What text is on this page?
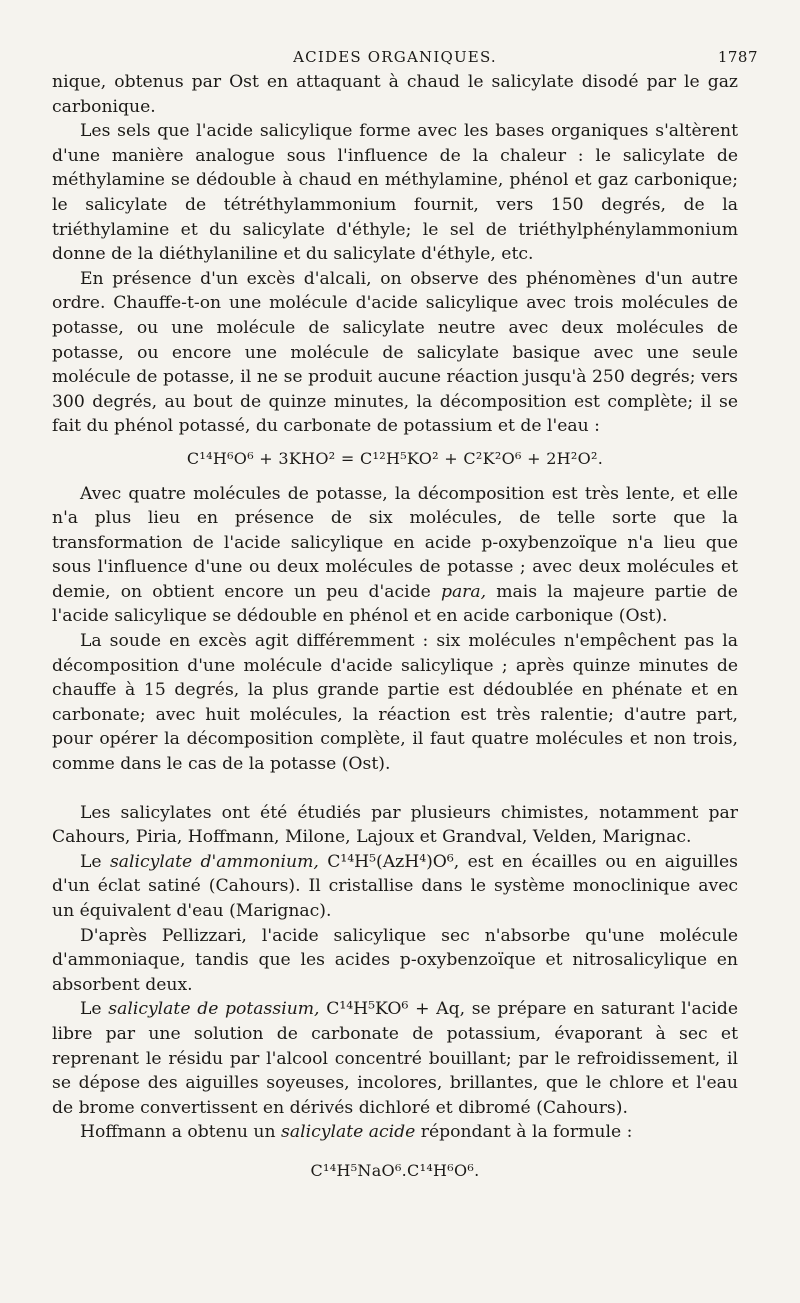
ACIDES ORGANIQUES.	1787

nique, obtenus par Ost en attaquant à chaud le salicylate disodé par le gaz carbonique.

Les sels que l'acide salicylique forme avec les bases organiques s'altèrent d'une manière analogue sous l'influence de la chaleur : le salicylate de méthylamine se dédouble à chaud en méthylamine, phénol et gaz carbonique; le salicylate de tétréthylammonium fournit, vers 150 degrés, de la triéthylamine et du salicylate d'éthyle; le sel de triéthylphénylammonium donne de la diéthylaniline et du salicylate d'éthyle, etc.

En présence d'un excès d'alcali, on observe des phénomènes d'un autre ordre. Chauffe-t-on une molécule d'acide salicylique avec trois molécules de potasse, ou une molécule de salicylate neutre avec deux molécules de potasse, ou encore une molécule de salicylate basique avec une seule molécule de potasse, il ne se produit aucune réaction jusqu'à 250 degrés; vers 300 degrés, au bout de quinze minutes, la décomposition est complète; il se fait du phénol potassé, du carbonate de potassium et de l'eau :

C¹⁴H⁶O⁶ + 3KHO² = C¹²H⁵KO² + C²K²O⁶ + 2H²O².

Avec quatre molécules de potasse, la décomposition est très lente, et elle n'a plus lieu en présence de six molécules, de telle sorte que la transformation de l'acide salicylique en acide p-oxybenzoïque n'a lieu que sous l'influence d'une ou deux molécules de potasse ; avec deux molécules et demie, on obtient encore un peu d'acide para, mais la majeure partie de l'acide salicylique se dédouble en phénol et en acide carbonique (Ost).

La soude en excès agit différemment : six molécules n'empêchent pas la décomposition d'une molécule d'acide salicylique ; après quinze minutes de chauffe à 15 degrés, la plus grande partie est dédoublée en phénate et en carbonate; avec huit molécules, la réaction est très ralentie; d'autre part, pour opérer la décomposition complète, il faut quatre molécules et non trois, comme dans le cas de la potasse (Ost).

Les salicylates ont été étudiés par plusieurs chimistes, notamment par Cahours, Piria, Hoffmann, Milone, Lajoux et Grandval, Velden, Marignac.

Le salicylate d'ammonium, C¹⁴H⁵(AzH⁴)O⁶, est en écailles ou en aiguilles d'un éclat satiné (Cahours). Il cristallise dans le système monoclinique avec un équivalent d'eau (Marignac).

D'après Pellizzari, l'acide salicylique sec n'absorbe qu'une molécule d'ammoniaque, tandis que les acides p-oxybenzoïque et nitrosalicylique en absorbent deux.

Le salicylate de potassium, C¹⁴H⁵KO⁶ + Aq, se prépare en saturant l'acide libre par une solution de carbonate de potassium, évaporant à sec et reprenant le résidu par l'alcool concentré bouillant; par le refroidissement, il se dépose des aiguilles soyeuses, incolores, brillantes, que le chlore et l'eau de brome convertissent en dérivés dichloré et dibromé (Cahours).

Hoffmann a obtenu un salicylate acide répondant à la formule :

C¹⁴H⁵NaO⁶.C¹⁴H⁶O⁶.
